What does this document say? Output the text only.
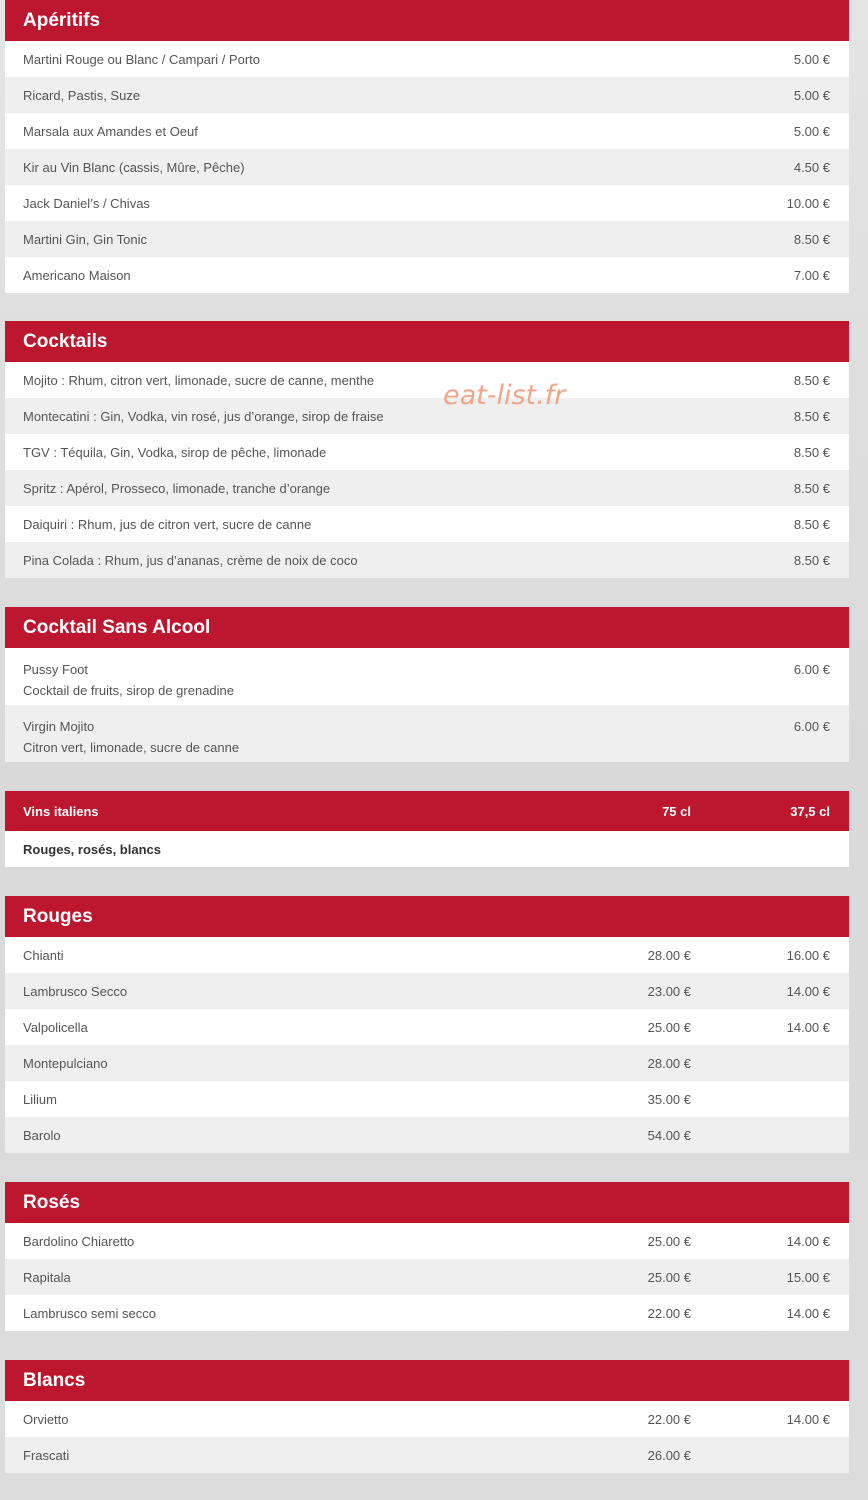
Apéritifs
Martini Rouge ou Blanc / Campari / Porto	5.00 €
Ricard, Pastis, Suze	5.00 €
Marsala aux Amandes et Oeuf	5.00 €
Kir au Vin Blanc (cassis, Mûre, Pêche)	4.50 €
Jack Daniel’s / Chivas	10.00 €
Martini Gin, Gin Tonic	8.50 €
Americano Maison	7.00 €
Cocktails
Mojito : Rhum, citron vert, limonade, sucre de canne, menthe	8.50 €
Montecatini : Gin, Vodka, vin rosé, jus d’orange, sirop de fraise	8.50 €
TGV : Téquila, Gin, Vodka, sirop de pêche, limonade	8.50 €
Spritz : Apérol, Prosseco, limonade, tranche d’orange	8.50 €
Daiquiri : Rhum, jus de citron vert, sucre de canne	8.50 €
Pina Colada : Rhum, jus d’ananas, crème de noix de coco	8.50 €
Cocktail Sans Alcool
Pussy Foot
Cocktail de fruits, sirop de grenadine
6.00 €
Virgin Mojito
Citron vert, limonade, sucre de canne
6.00 €
Vins italiens	75 cl	37,5 cl
Rouges, rosés, blancs
Rouges
Chianti	28.00 €	16.00 €
Lambrusco Secco	23.00 €	14.00 €
Valpolicella	25.00 €	14.00 €
Montepulciano	28.00 €
Lilium	35.00 €
Barolo	54.00 €
Rosés
Bardolino Chiaretto	25.00 €	14.00 €
Rapitala	25.00 €	15.00 €
Lambrusco semi secco	22.00 €	14.00 €
Blancs
Orvietto	22.00 €	14.00 €
Frascati	26.00 €
eat-list.fr
